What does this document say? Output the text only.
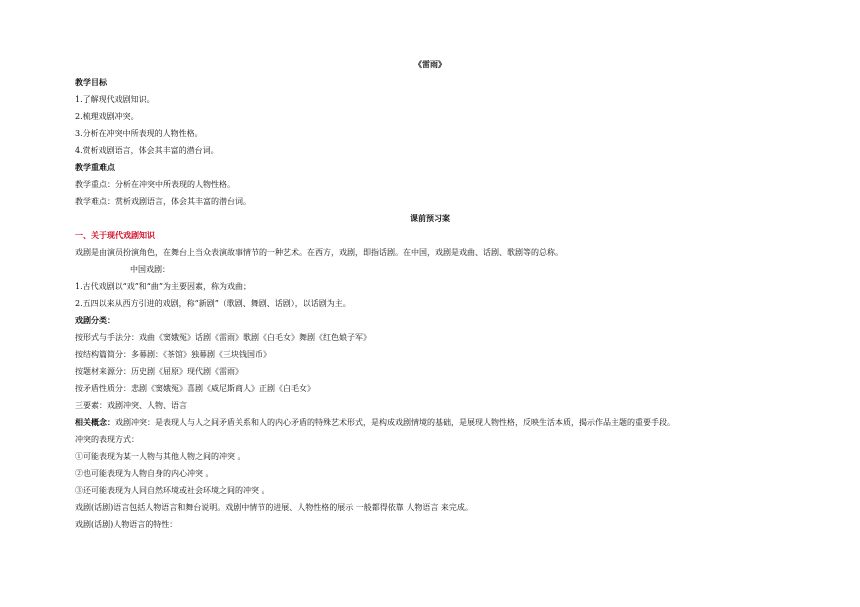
《雷雨》
教学目标
1.了解现代戏剧知识。
2.梳理戏剧冲突。
3.分析在冲突中所表现的人物性格。
4.赏析戏剧语言，体会其丰富的潜台词。
教学重难点
教学重点：分析在冲突中所表现的人物性格。
教学难点：赏析戏剧语言，体会其丰富的潜台词。
课前预习案
一、关于现代戏剧知识
戏剧是由演员扮演角色，在舞台上当众表演故事情节的一种艺术。在西方，戏剧，即指话剧。在中国，戏剧是戏曲、话剧、歌剧等的总称。
中国戏剧：
1.古代戏剧以“戏”和“曲”为主要因素，称为戏曲；
2.五四以来从西方引进的戏剧，称“新剧”（歌剧、舞剧、话剧），以话剧为主。
戏剧分类：
按形式与手法分：戏曲《窦娥冤》话剧《雷雨》歌剧《白毛女》舞剧《红色娘子军》
按结构篇简分：多幕剧：《茶馆》独幕剧《三块钱国币》
按题材来源分：历史剧《屈原》现代剧《雷雨》
按矛盾性质分：悲剧《窦娥冤》喜剧《威尼斯商人》正剧《白毛女》
三要素：戏剧冲突、人物、语言
相关概念：戏剧冲突：是表现人与人之间矛盾关系和人的内心矛盾的特殊艺术形式，是构成戏剧情境的基础，是展现人物性格，反映生活本质，揭示作品主题的重要手段。
冲突的表现方式：
①可能表现为某一人物与其他人物之间的冲突 。
②也可能表现为人物自身的内心冲突 。
③还可能表现为人同自然环境或社会环境之间的冲突 。
戏剧(话剧)语言包括人物语言和舞台说明。戏剧中情节的进展、人物性格的展示 一般都得依靠 人物语言 来完成。
戏剧(话剧)人物语言的特性：
